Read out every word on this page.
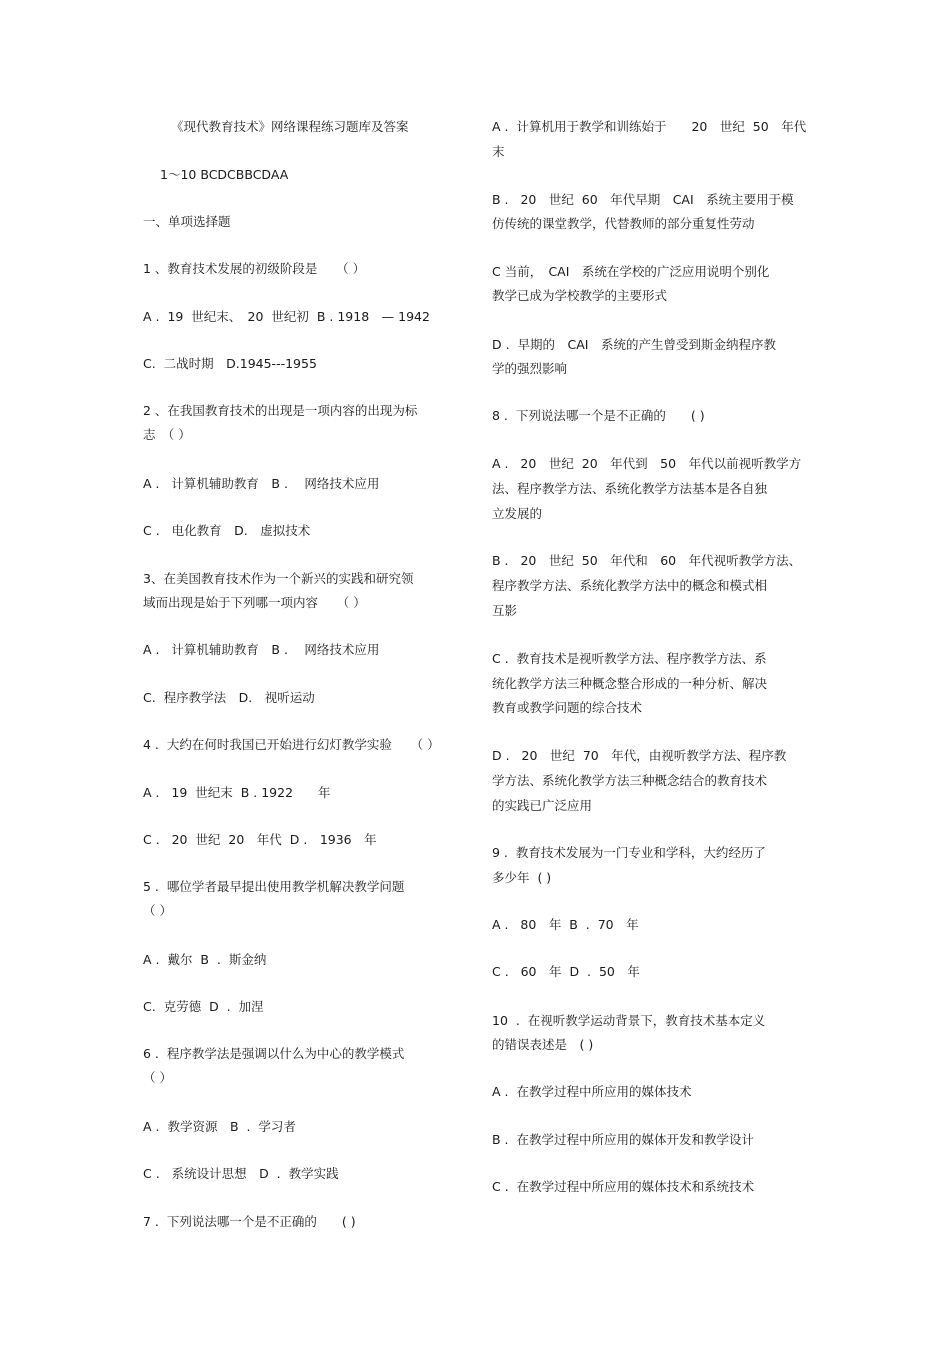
《现代教育技术》网络课程练习题库及答案
1～10 BCDCBBCDAA
一、单项选择题
1 、教育技术发展的初级阶段是　　（ ）
A .  19  世纪末、　20  世纪初  B . 1918　— 1942
C.  二战时期　D.1945---1955
2 、在我国教育技术的出现是一项内容的出现为标
志　（ ）
A .   计算机辅助教育　B .　 网络技术应用
C .   电化教育　D.　虚拟技术
3、在美国教育技术作为一个新兴的实践和研究领
域而出现是始于下列哪一项内容　　（ ）
A .   计算机辅助教育　B .　 网络技术应用
C.  程序教学法　D.　视听运动
4 .  大约在何时我国已开始进行幻灯教学实验　　（ ）
A .   19  世纪末  B . 1922　　年
C .   20  世纪  20　年代  D .　1936　年
5 .  哪位学者最早提出使用教学机解决教学问题
（ ）
A .  戴尔  B  .  斯金纳
C.  克劳德  D  .  加涅
6 .  程序教学法是强调以什么为中心的教学模式
（ ）
A .  教学资源　B  .  学习者
C .   系统设计思想　D  .  教学实践
7 .  下列说法哪一个是不正确的　　( )
A .  计算机用于教学和训练始于　　20　世纪  50　年代
末
B .   20　世纪  60　年代早期　CAI　系统主要用于模
仿传统的课堂教学，代替教师的部分重复性劳动
C 当前，　CAI　系统在学校的广泛应用说明个别化
教学已成为学校教学的主要形式
D .  早期的　CAI　系统的产生曾受到斯金纳程序教
学的强烈影响
8 .  下列说法哪一个是不正确的　　( )
A .   20　世纪  20　年代到　50　年代以前视听教学方
法、程序教学方法、系统化教学方法基本是各自独
立发展的
B .   20　世纪  50　年代和　60　年代视听教学方法、
程序教学方法、系统化教学方法中的概念和模式相
互影
C .  教育技术是视听教学方法、程序教学方法、系
统化教学方法三种概念整合形成的一种分析、解决
教育或教学问题的综合技术
D .   20　世纪  70　年代，由视听教学方法、程序教
学方法、系统化教学方法三种概念结合的教育技术
的实践已广泛应用
9 .  教育技术发展为一门专业和学科，大约经历了
多少年  ( )
A .   80　年  B  .  70　年
C .   60　年  D  .  50　年
10  .  在视听教学运动背景下，教育技术基本定义
的错误表述是　( )
A .  在教学过程中所应用的媒体技术
B .  在教学过程中所应用的媒体开发和教学设计
C .  在教学过程中所应用的媒体技术和系统技术
